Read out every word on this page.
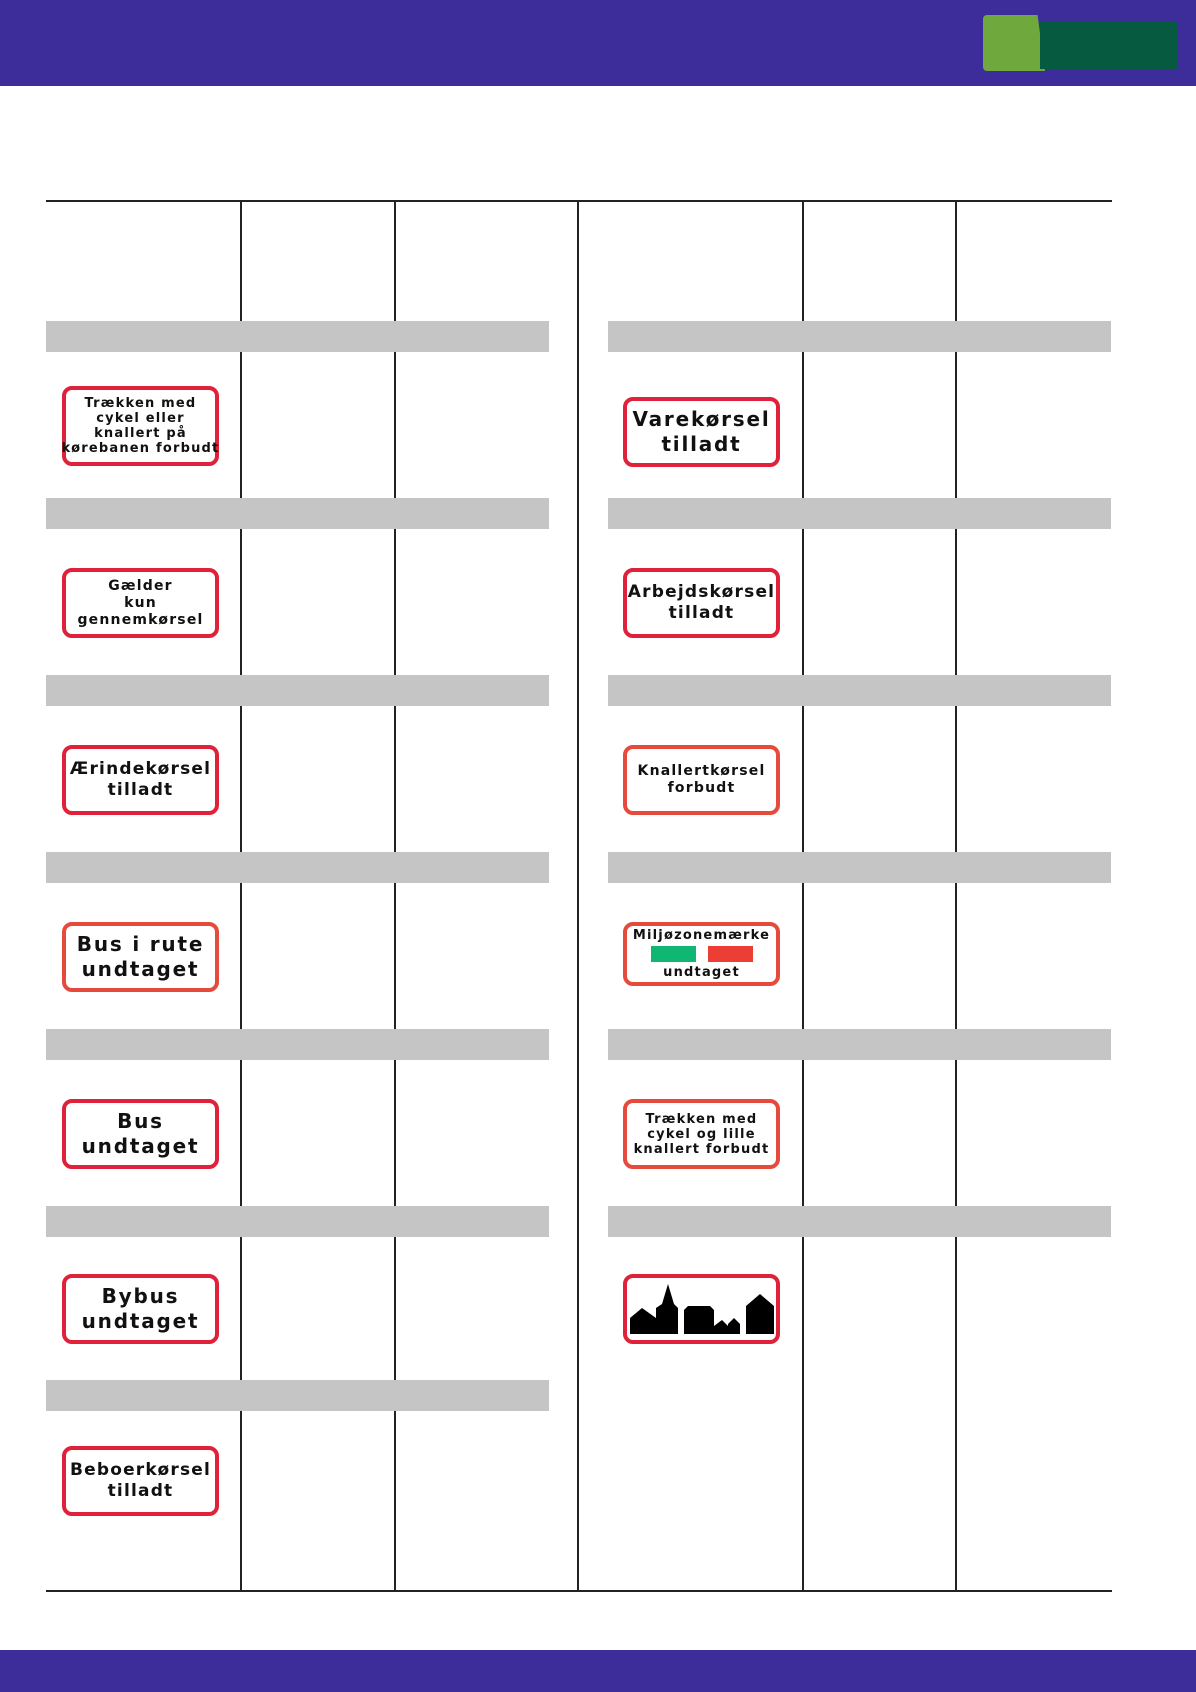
Trækken med
cykel eller
knallert på
kørebanen forbudt
Gælder
kun
gennemkørsel
Ærindekørsel
tilladt
Bus i rute
undtaget
Bus
undtaget
Bybus
undtaget
Beboerkørsel
tilladt
Varekørsel
tilladt
Arbejdskørsel
tilladt
Knallertkørsel
forbudt
Miljøzonemærke
undtaget
Trækken med
cykel og lille
knallert forbudt
